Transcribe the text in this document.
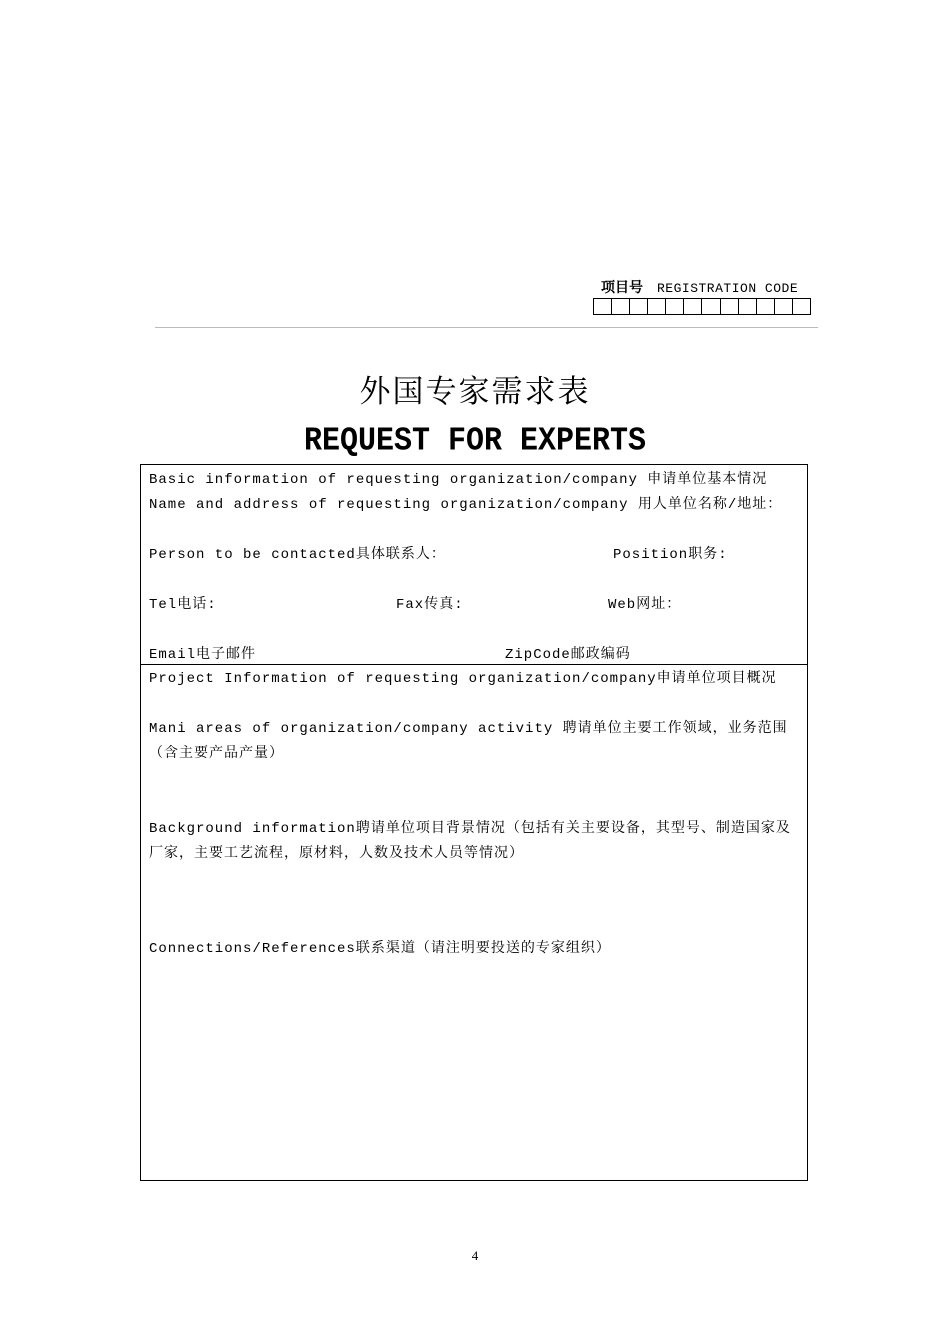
项目号 REGISTRATION CODE
外国专家需求表
REQUEST FOR EXPERTS
Basic information of requesting organization/company 申请单位基本情况
Name and address of requesting organization/company 用人单位名称/地址：
Person to be contacted具体联系人：	Position职务:
Tel电话:	Fax传真:	Web网址：
Email电子邮件	ZipCode邮政编码
Project Information of requesting organization/company申请单位项目概况
Mani areas of organization/company activity 聘请单位主要工作领域，业务范围（含主要产品产量）
Background information聘请单位项目背景情况（包括有关主要设备，其型号、制造国家及厂家，主要工艺流程，原材料，人数及技术人员等情况）
Connections/References联系渠道（请注明要投送的专家组织）
4
